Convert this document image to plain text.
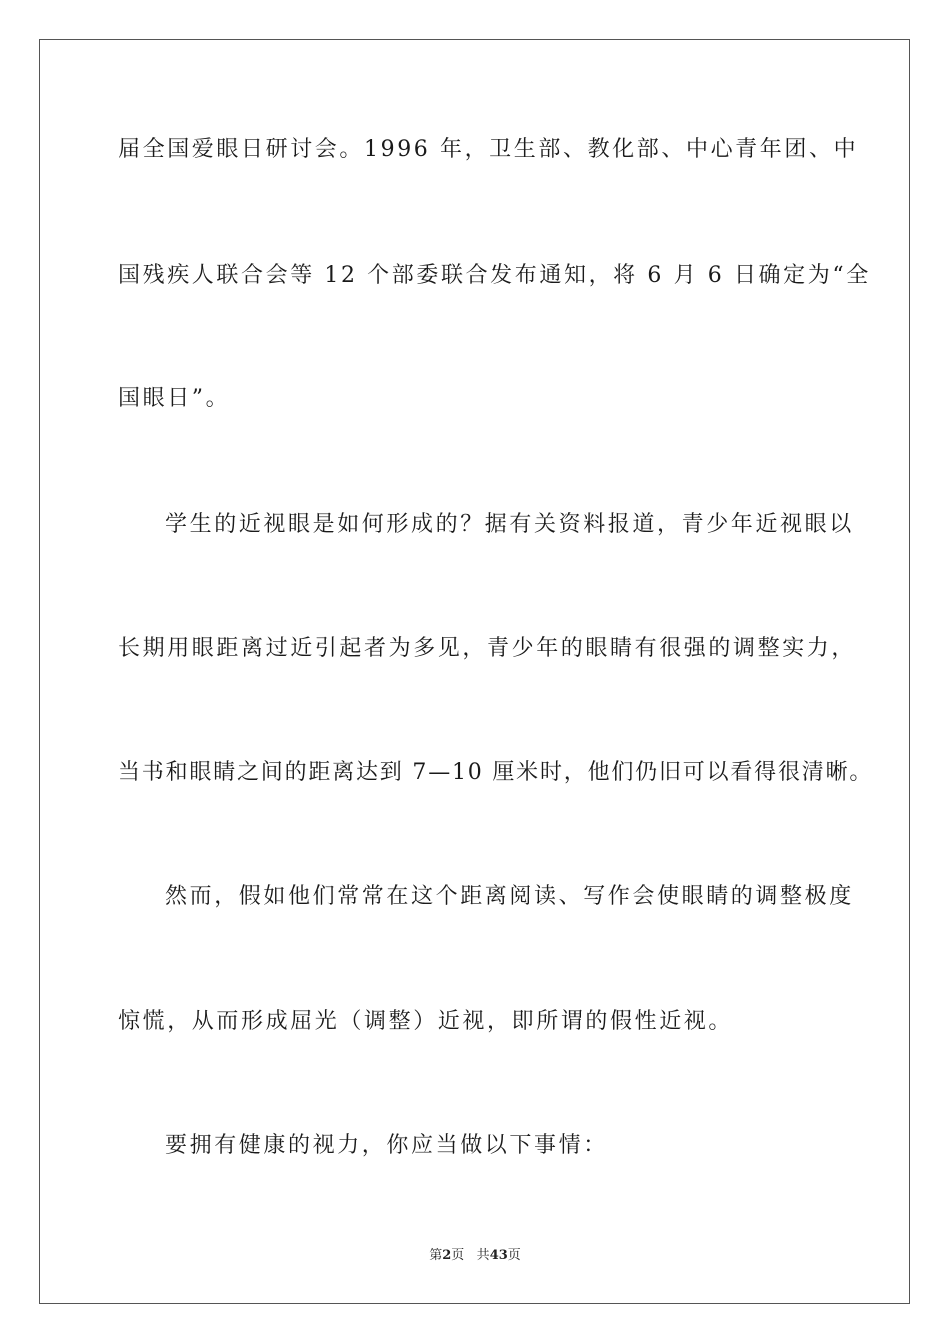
届全国爱眼日研讨会。1996 年，卫生部、教化部、中心青年团、中
国残疾人联合会等 12 个部委联合发布通知，将 6 月 6 日确定为“全
国眼日”。
学生的近视眼是如何形成的？据有关资料报道，青少年近视眼以
长期用眼距离过近引起者为多见，青少年的眼睛有很强的调整实力，
当书和眼睛之间的距离达到 7—10 厘米时，他们仍旧可以看得很清晰。
然而，假如他们常常在这个距离阅读、写作会使眼睛的调整极度
惊慌，从而形成屈光（调整）近视，即所谓的假性近视。
要拥有健康的视力，你应当做以下事情：
第2页 共43页
